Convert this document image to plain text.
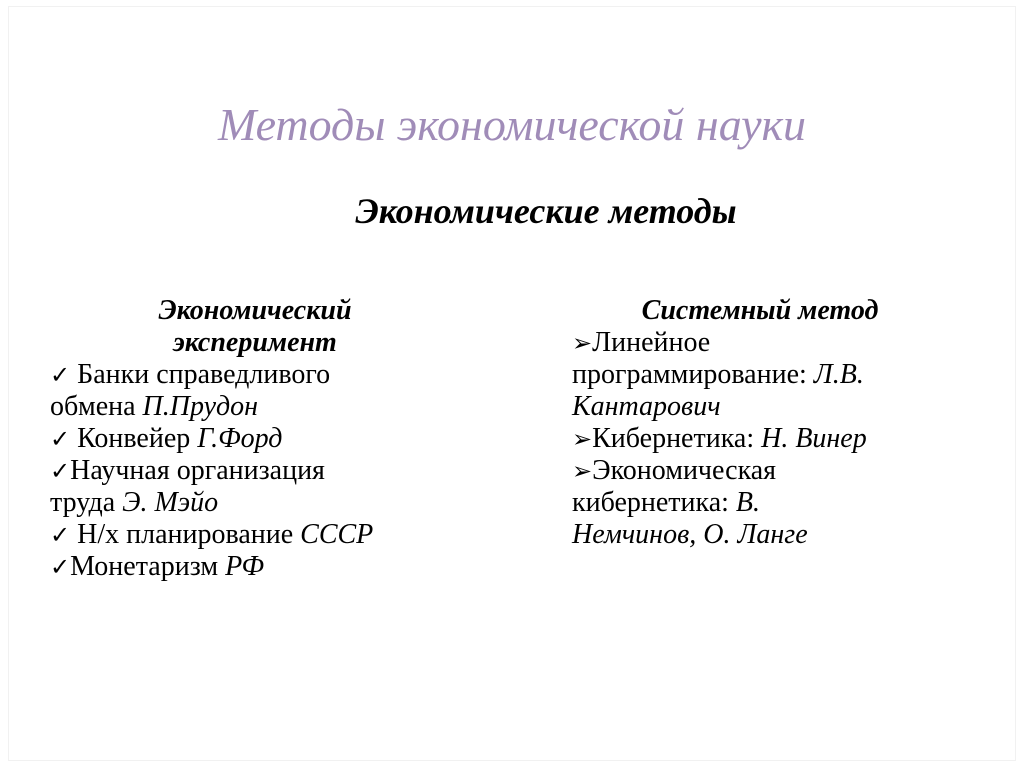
Методы экономической науки
Экономические методы
Экономический
эксперимент
✓ Банки справедливого
обмена П.Прудон
✓ Конвейер Г.Форд
✓Научная организация
труда Э. Мэйо
✓ Н/х планирование СССР
✓Монетаризм РФ
Системный метод
➢Линейное
программирование: Л.В.
Кантарович
➢Кибернетика: Н. Винер
➢Экономическая
кибернетика: В.
Немчинов, О. Ланге
